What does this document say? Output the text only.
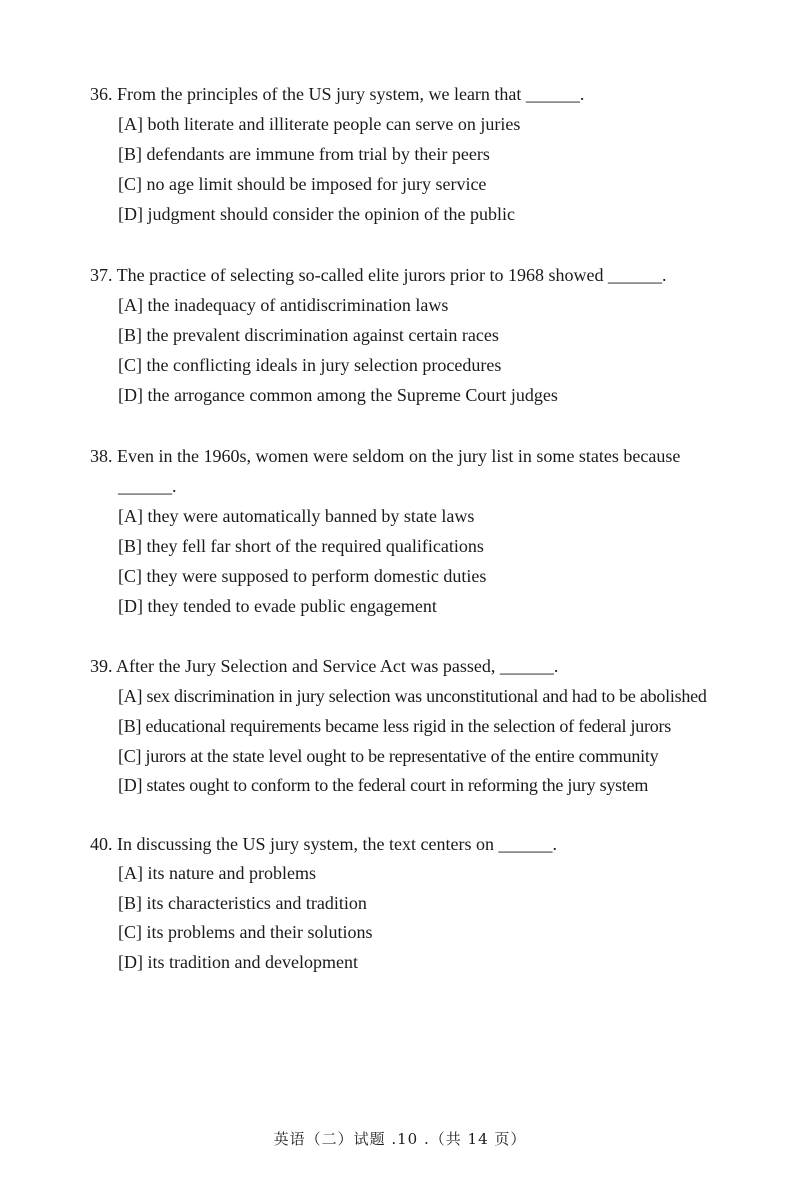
36. From the principles of the US jury system, we learn that ______.
[A] both literate and illiterate people can serve on juries
[B] defendants are immune from trial by their peers
[C] no age limit should be imposed for jury service
[D] judgment should consider the opinion of the public
37. The practice of selecting so-called elite jurors prior to 1968 showed ______.
[A] the inadequacy of antidiscrimination laws
[B] the prevalent discrimination against certain races
[C] the conflicting ideals in jury selection procedures
[D] the arrogance common among the Supreme Court judges
38. Even in the 1960s, women were seldom on the jury list in some states because
______.
[A] they were automatically banned by state laws
[B] they fell far short of the required qualifications
[C] they were supposed to perform domestic duties
[D] they tended to evade public engagement
39. After the Jury Selection and Service Act was passed, ______.
[A] sex discrimination in jury selection was unconstitutional and had to be abolished
[B] educational requirements became less rigid in the selection of federal jurors
[C] jurors at the state level ought to be representative of the entire community
[D] states ought to conform to the federal court in reforming the jury system
40. In discussing the US jury system, the text centers on ______.
[A] its nature and problems
[B] its characteristics and tradition
[C] its problems and their solutions
[D] its tradition and development
英语（二）试题 .10 .（共 14 页）
